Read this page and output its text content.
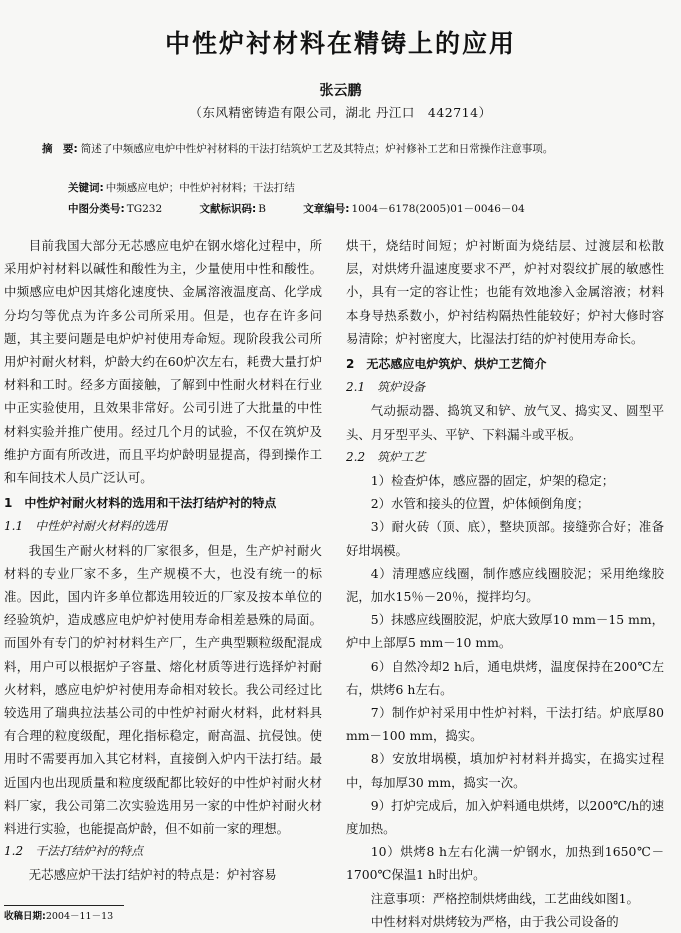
中性炉衬材料在精铸上的应用
张云鹏
（东风精密铸造有限公司，湖北 丹江口　442714）
摘　要: 简述了中频感应电炉中性炉衬材料的干法打结筑炉工艺及其特点；炉衬修补工艺和日常操作注意事项。
关键词: 中频感应电炉；中性炉衬材料；干法打结
中图分类号: TG232	文献标识码: B	文章编号: 1004－6178(2005)01－0046－04

目前我国大部分无芯感应电炉在钢水熔化过程中，所采用炉衬材料以碱性和酸性为主，少量使用中性和酸性。中频感应电炉因其熔化速度快、金属溶液温度高、化学成分均匀等优点为许多公司所采用。但是，也存在许多问题，其主要问题是电炉炉衬使用寿命短。现阶段我公司所用炉衬耐火材料，炉龄大约在60炉次左右，耗费大量打炉材料和工时。经多方面接触，了解到中性耐火材料在行业中正实验使用，且效果非常好。公司引进了大批量的中性材料实验并推广使用。经过几个月的试验，不仅在筑炉及维护方面有所改进，而且平均炉龄明显提高，得到操作工和车间技术人员广泛认可。

1　中性炉衬耐火材料的选用和干法打结炉衬的特点

1.1　中性炉衬耐火材料的选用

我国生产耐火材料的厂家很多，但是，生产炉衬耐火材料的专业厂家不多，生产规模不大，也没有统一的标准。因此，国内许多单位都选用较近的厂家及按本单位的经验筑炉，造成感应电炉炉衬使用寿命相差悬殊的局面。而国外有专门的炉衬材料生产厂，生产典型颗粒级配混成料，用户可以根据炉子容量、熔化材质等进行选择炉衬耐火材料，感应电炉炉衬使用寿命相对较长。我公司经过比较选用了瑞典拉法基公司的中性炉衬耐火材料，此材料具有合理的粒度级配，理化指标稳定，耐高温、抗侵蚀。使用时不需要再加入其它材料，直接倒入炉内干法打结。最近国内也出现质量和粒度级配都比较好的中性炉衬耐火材料厂家，我公司第二次实验选用另一家的中性炉衬耐火材料进行实验，也能提高炉龄，但不如前一家的理想。

1.2　干法打结炉衬的特点

无芯感应炉干法打结炉衬的特点是：炉衬容易

烘干，烧结时间短；炉衬断面为烧结层、过渡层和松散层，对烘烤升温速度要求不严，炉衬对裂纹扩展的敏感性小，具有一定的容让性；也能有效地渗入金属溶液；材料本身导热系数小，炉衬结构隔热性能较好；炉衬大修时容易清除；炉衬密度大，比湿法打结的炉衬使用寿命长。

2　无芯感应电炉筑炉、烘炉工艺简介

2.1　筑炉设备

气动振动器、捣筑叉和铲、放气叉、捣实叉、圆型平头、月牙型平头、平铲、下料漏斗或平板。

2.2　筑炉工艺

1）检查炉体，感应器的固定，炉架的稳定；

2）水管和接头的位置，炉体倾倒角度；

3）耐火砖（顶、底），整块顶部。接缝弥合好；准备好坩埚模。

4）清理感应线圈，制作感应线圈胶泥；采用绝缘胶泥，加水15％－20％，搅拌均匀。

5）抹感应线圈胶泥，炉底大致厚10 mm－15 mm，炉中上部厚5 mm－10 mm。

6）自然冷却2 h后，通电烘烤，温度保持在200℃左右，烘烤6 h左右。

7）制作炉衬采用中性炉衬料，干法打结。炉底厚80 mm－100 mm，捣实。

8）安放坩埚模，填加炉衬材料并捣实，在捣实过程中，每加厚30 mm，捣实一次。

9）打炉完成后，加入炉料通电烘烤，以200℃/h的速度加热。

10）烘烤8 h左右化满一炉钢水，加热到1650℃－1700℃保温1 h时出炉。

注意事项：严格控制烘烤曲线，工艺曲线如图1。

中性材料对烘烤较为严格，由于我公司设备的

收稿日期:2004－11－13
